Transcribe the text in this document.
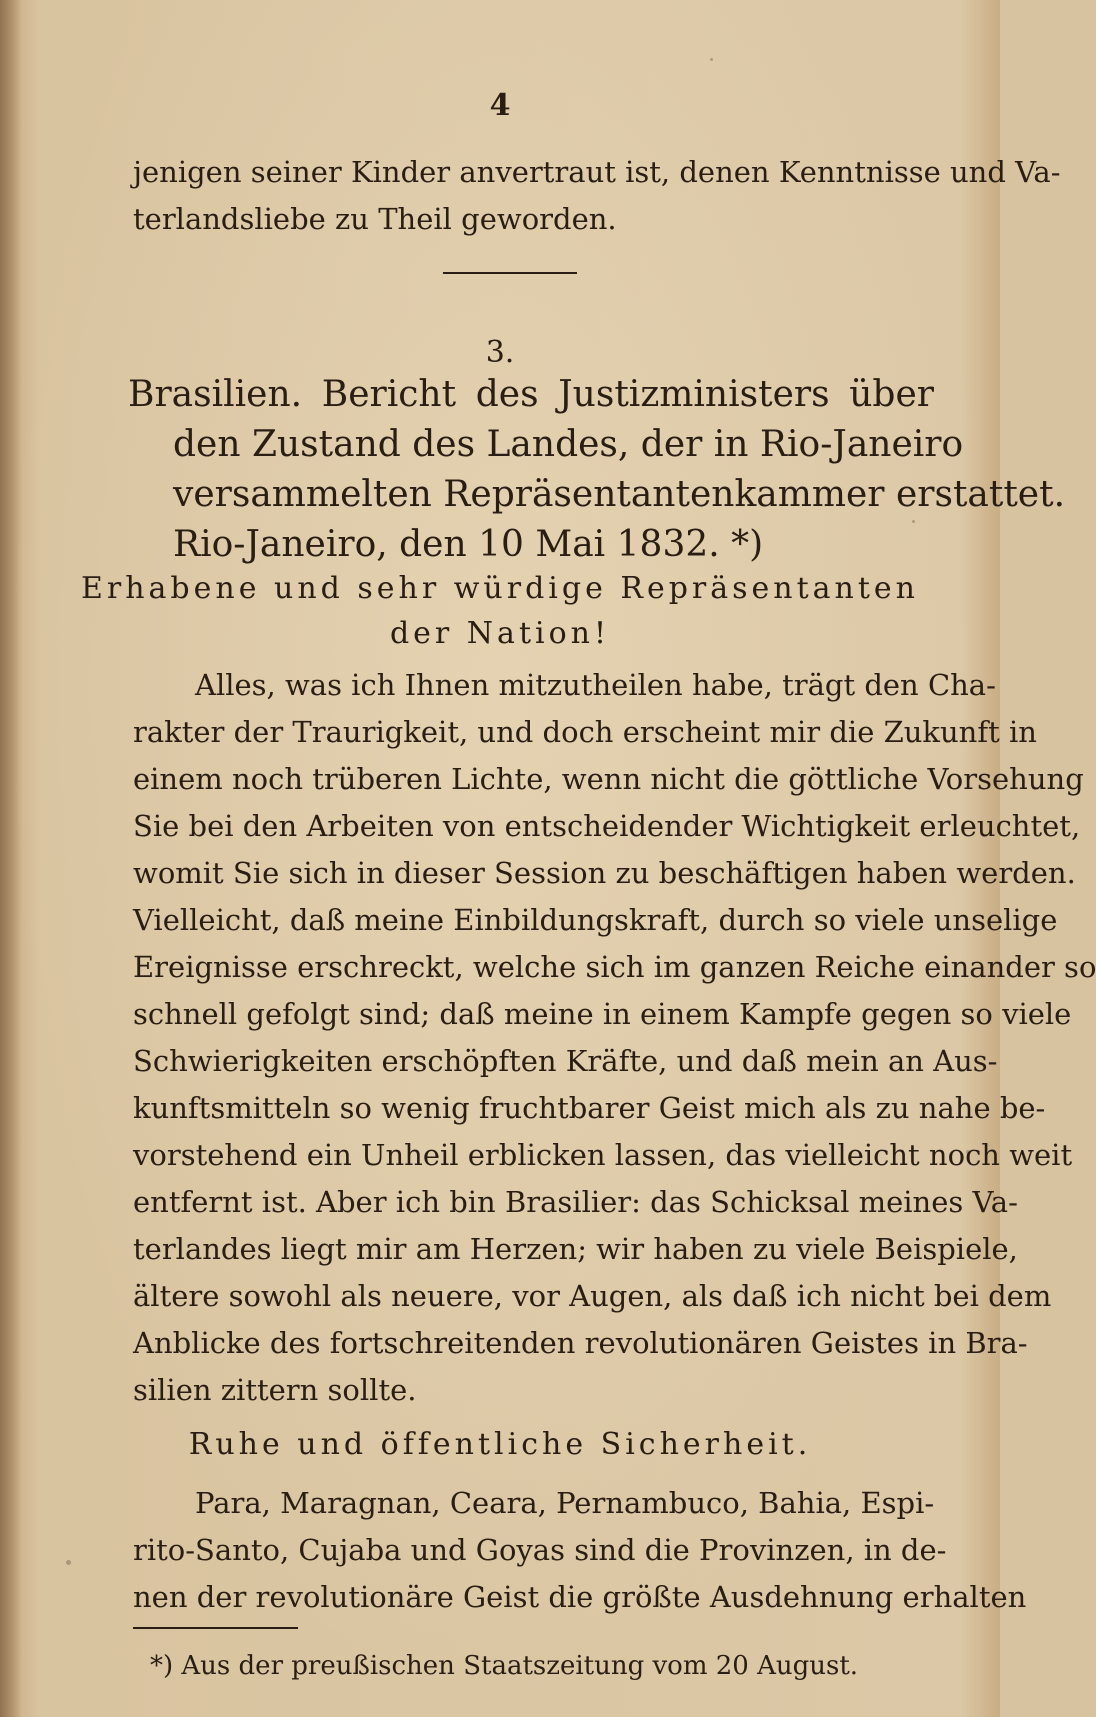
4
jenigen seiner Kinder anvertraut ist, denen Kenntnisse und Va-
terlandsliebe zu Theil geworden.
3.
Brasilien. Bericht des Justizministers über
den Zustand des Landes, der in Rio-Janeiro
versammelten Repräsentantenkammer erstattet.
Rio-Janeiro, den 10 Mai 1832. *)
Erhabene und sehr würdige Repräsentanten
der Nation!
Alles, was ich Ihnen mitzutheilen habe, trägt den Cha-
rakter der Traurigkeit, und doch erscheint mir die Zukunft in
einem noch trüberen Lichte, wenn nicht die göttliche Vorsehung
Sie bei den Arbeiten von entscheidender Wichtigkeit erleuchtet,
womit Sie sich in dieser Session zu beschäftigen haben werden.
Vielleicht, daß meine Einbildungskraft, durch so viele unselige
Ereignisse erschreckt, welche sich im ganzen Reiche einander so
schnell gefolgt sind; daß meine in einem Kampfe gegen so viele
Schwierigkeiten erschöpften Kräfte, und daß mein an Aus-
kunftsmitteln so wenig fruchtbarer Geist mich als zu nahe be-
vorstehend ein Unheil erblicken lassen, das vielleicht noch weit
entfernt ist. Aber ich bin Brasilier: das Schicksal meines Va-
terlandes liegt mir am Herzen; wir haben zu viele Beispiele,
ältere sowohl als neuere, vor Augen, als daß ich nicht bei dem
Anblicke des fortschreitenden revolutionären Geistes in Bra-
silien zittern sollte.
Ruhe und öffentliche Sicherheit.
Para, Maragnan, Ceara, Pernambuco, Bahia, Espi-
rito-Santo, Cujaba und Goyas sind die Provinzen, in de-
nen der revolutionäre Geist die größte Ausdehnung erhalten
*) Aus der preußischen Staatszeitung vom 20 August.
